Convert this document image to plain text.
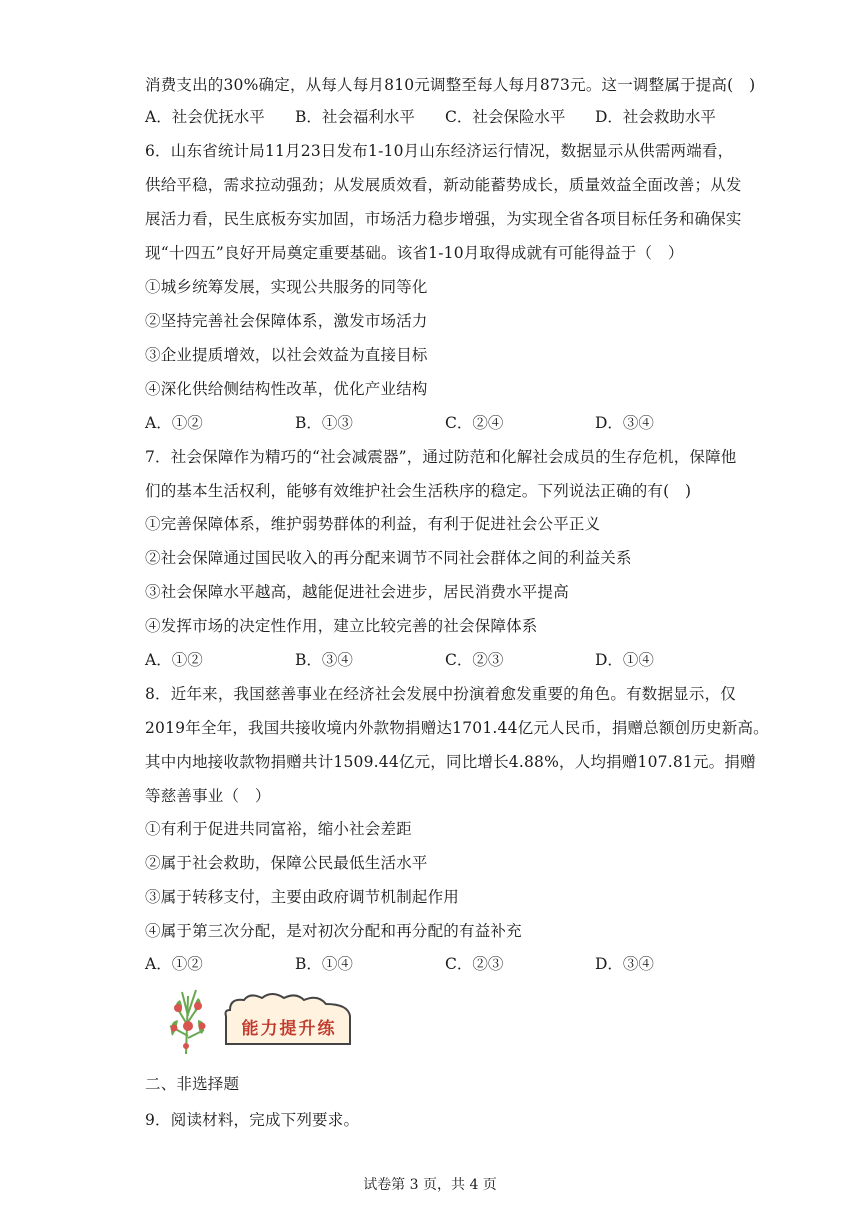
消费支出的30%确定，从每人每月810元调整至每人每月873元。这一调整属于提高(　)
A．社会优抚水平 B．社会福利水平 C．社会保险水平 D．社会救助水平
6．山东省统计局11月23日发布1-10月山东经济运行情况，数据显示从供需两端看，
供给平稳，需求拉动强劲；从发展质效看，新动能蓄势成长，质量效益全面改善；从发
展活力看，民生底板夯实加固，市场活力稳步增强，为实现全省各项目标任务和确保实
现“十四五”良好开局奠定重要基础。该省1-10月取得成就有可能得益于（　）
①城乡统筹发展，实现公共服务的同等化
②坚持完善社会保障体系，激发市场活力
③企业提质增效，以社会效益为直接目标
④深化供给侧结构性改革，优化产业结构
A．①②	B．①③	C．②④	D．③④
7．社会保障作为精巧的“社会减震器”，通过防范和化解社会成员的生存危机，保障他
们的基本生活权利，能够有效维护社会生活秩序的稳定。下列说法正确的有(　)
①完善保障体系，维护弱势群体的利益，有利于促进社会公平正义
②社会保障通过国民收入的再分配来调节不同社会群体之间的利益关系
③社会保障水平越高，越能促进社会进步，居民消费水平提高
④发挥市场的决定性作用，建立比较完善的社会保障体系
A．①②	B．③④	C．②③	D．①④
8．近年来，我国慈善事业在经济社会发展中扮演着愈发重要的角色。有数据显示，仅
2019年全年，我国共接收境内外款物捐赠达1701.44亿元人民币，捐赠总额创历史新高。
其中内地接收款物捐赠共计1509.44亿元，同比增长4.88%，人均捐赠107.81元。捐赠
等慈善事业（　）
①有利于促进共同富裕，缩小社会差距
②属于社会救助，保障公民最低生活水平
③属于转移支付，主要由政府调节机制起作用
④属于第三次分配，是对初次分配和再分配的有益补充
A．①②	B．①④	C．②③	D．③④
能力提升练
二、非选择题
9．阅读材料，完成下列要求。
试卷第 3 页，共 4 页
